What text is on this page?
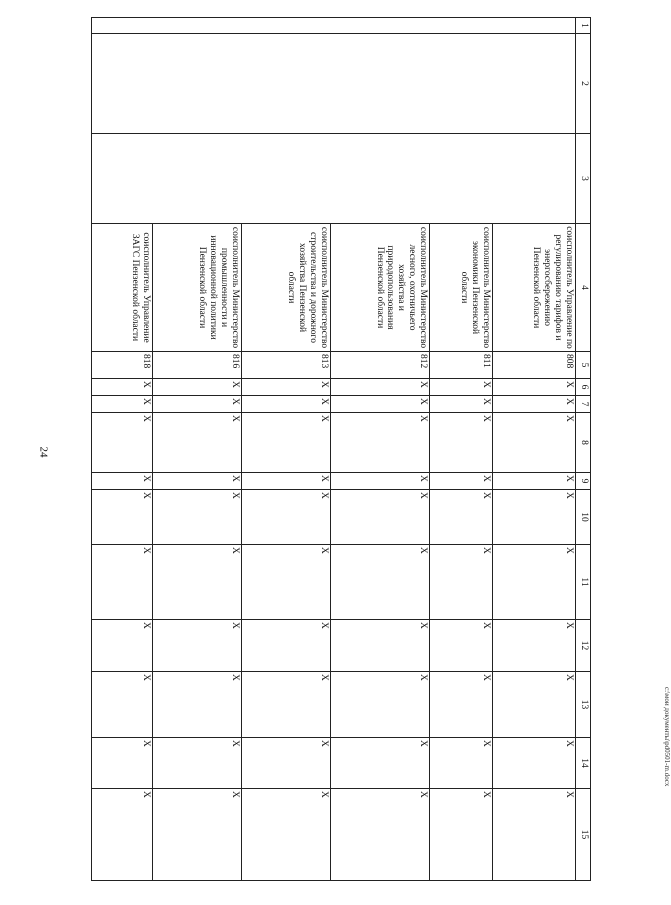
24
1	2	3	4	5	6	7	8	9	10	11	12	13	14	15
			соисполнитель Управление по регулированию тарифов и энергосбережению Пензенской области	808	Х	Х	Х	Х	Х	Х	Х	Х	Х	Х
			соисполнитель Министерство экономики Пензенской области	811	Х	Х	Х	Х	Х	Х	Х	Х	Х	Х
			соисполнитель Министерство лесного, охотничьего хозяйства и природопользования Пензенской области	812	Х	Х	Х	Х	Х	Х	Х	Х	Х	Х
			соисполнитель Министерство строительства и дорожного хозяйства Пензенской области	813	Х	Х	Х	Х	Х	Х	Х	Х	Х	Х
			соисполнитель Министерство промышленности и инновационной политики Пензенской области	816	Х	Х	Х	Х	Х	Х	Х	Х	Х	Х
			соисполнитель Управление ЗАГС Пензенской области	818	Х	Х	Х	Х	Х	Х	Х	Х	Х	Х
c:\мои документы\pd0501-m.docx
